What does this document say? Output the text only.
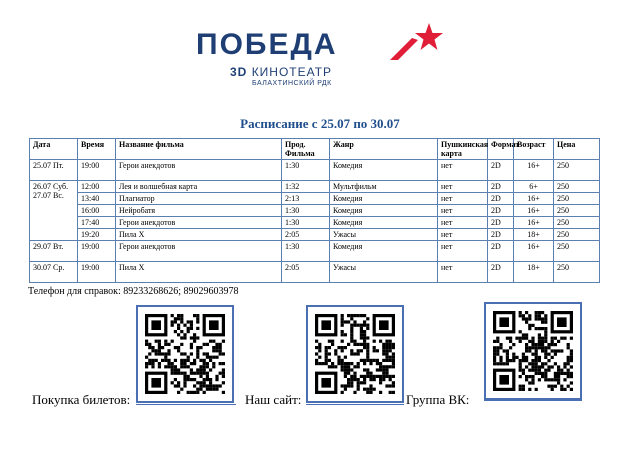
ПОБЕДА
3D КИНОТЕАТР
БАЛАХТИНСКИЙ РДК
Расписание с 25.07 по 30.07
Дата	Время	Название фильма	Прод. Фильма	Жанр	Пушкинская карта	Формат	Возраст	Цена
25.07 Пт.	19:00	Герои анекдотов	1:30	Комедия	нет	2D	16+	250
26.07 Суб. 27.07 Вс.	12:00	Лея и волшебная карта	1:32	Мультфильм	нет	2D	6+	250
	13:40	Плагиатор	2:13	Комедия	нет	2D	16+	250
	16:00	Нейробатя	1:30	Комедия	нет	2D	16+	250
	17:40	Герои анекдотов	1:30	Комедия	нет	2D	16+	250
	19:20	Пила X	2:05	Ужасы	нет	2D	18+	250
29.07 Вт.	19:00	Герои анекдотов	1:30	Комедия	нет	2D	16+	250
30.07 Ср.	19:00	Пила X	2:05	Ужасы	нет	2D	18+	250
Телефон для справок: 89233268626; 89029603978
Покупка билетов:	Наш сайт:	Группа ВК:
